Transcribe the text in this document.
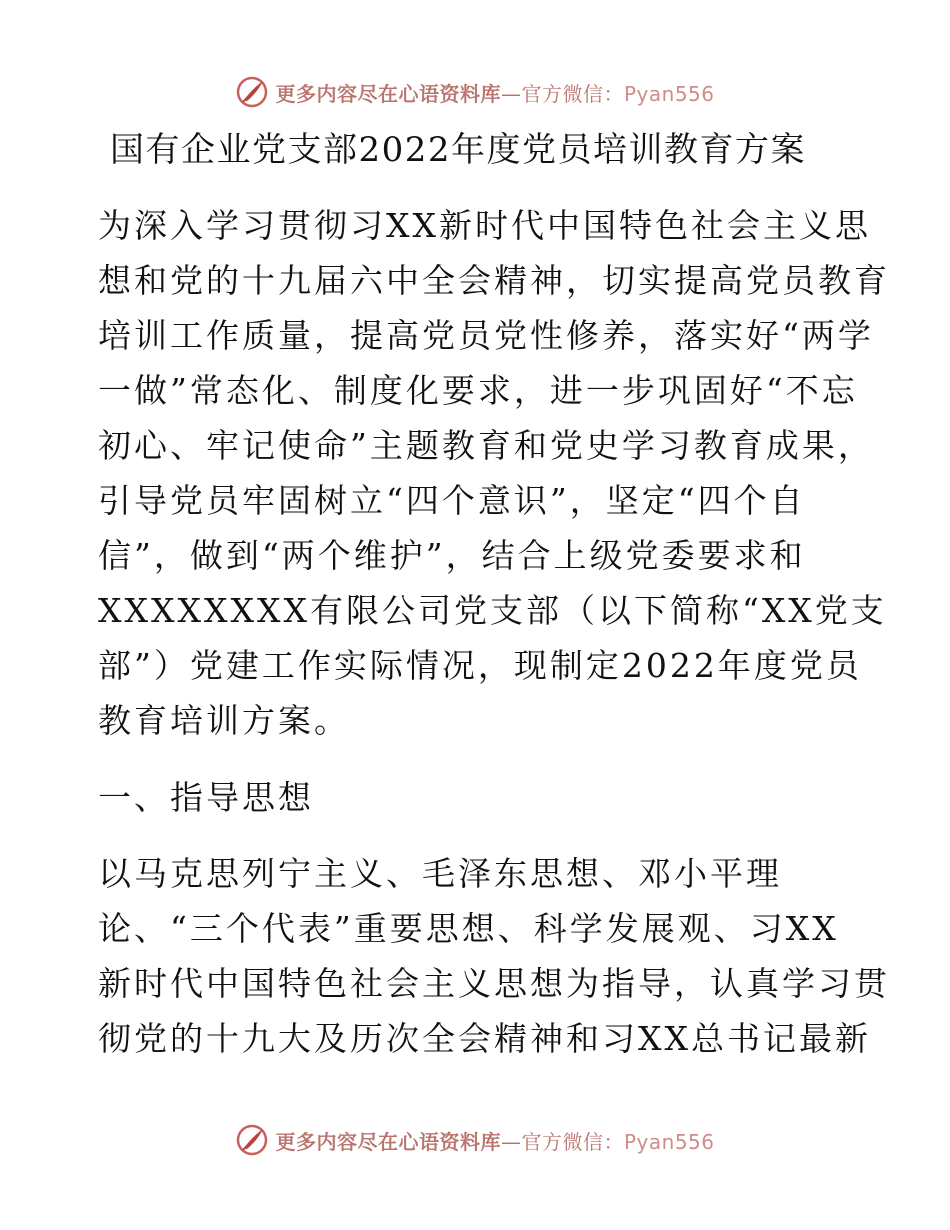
更多内容尽在心语资料库—官方微信：Pyan556
国有企业党支部2022年度党员培训教育方案
为深入学习贯彻习XX新时代中国特色社会主义思
想和党的十九届六中全会精神，切实提高党员教育
培训工作质量，提高党员党性修养，落实好“两学
一做”常态化、制度化要求，进一步巩固好“不忘
初心、牢记使命”主题教育和党史学习教育成果，
引导党员牢固树立“四个意识”，坚定“四个自
信”，做到“两个维护”，结合上级党委要求和
XXXXXXXX有限公司党支部（以下简称“XX党支
部”）党建工作实际情况，现制定2022年度党员
教育培训方案。
一、指导思想
以马克思列宁主义、毛泽东思想、邓小平理
论、“三个代表”重要思想、科学发展观、习XX
新时代中国特色社会主义思想为指导，认真学习贯
彻党的十九大及历次全会精神和习XX总书记最新
更多内容尽在心语资料库—官方微信：Pyan556
